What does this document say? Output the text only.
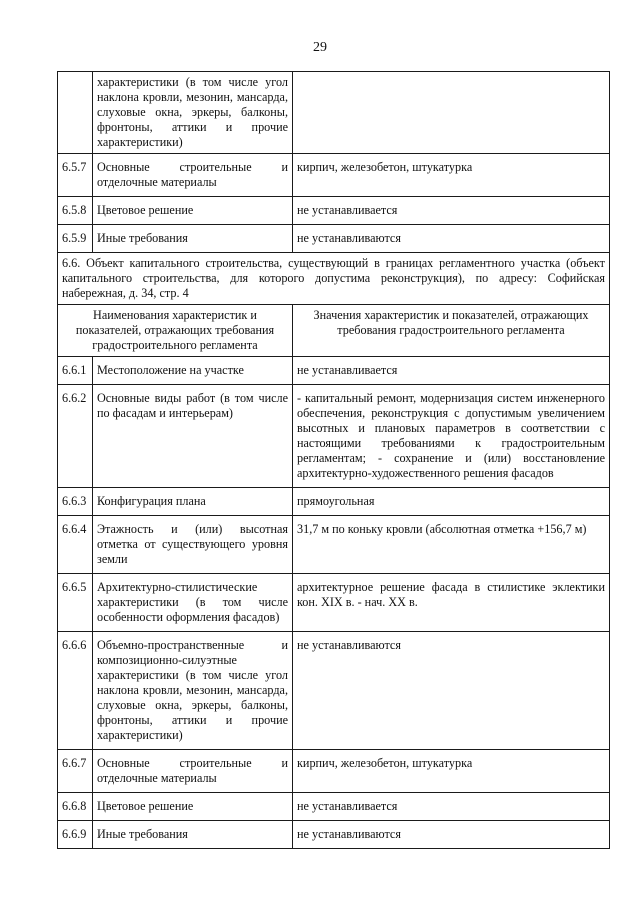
29
	характеристики (в том числе угол наклона кровли, мезонин, мансарда, слуховые окна, эркеры, балконы, фронтоны, аттики и прочие характеристики)	
6.5.7	Основные строительные и отделочные материалы	кирпич, железобетон, штукатурка
6.5.8	Цветовое решение	не устанавливается
6.5.9	Иные требования	не устанавливаются
6.6. Объект капитального строительства, существующий в границах регламентного участка (объект капитального строительства, для которого допустима реконструкция), по адресу: Софийская набережная, д. 34, стр. 4		
Наименования характеристик и показателей, отражающих требования градостроительного регламента		Значения характеристик и показателей, отражающих требования градостроительного регламента
6.6.1	Местоположение на участке	не устанавливается
6.6.2	Основные виды работ (в том числе по фасадам и интерьерам)	- капитальный ремонт, модернизация систем инженерного обеспечения, реконструкция с допустимым увеличением высотных и плановых параметров в соответствии с настоящими требованиями к градостроительным регламентам; - сохранение и (или) восстановление архитектурно-художественного решения фасадов
6.6.3	Конфигурация плана	прямоугольная
6.6.4	Этажность и (или) высотная отметка от существующего уровня земли	31,7 м по коньку кровли (абсолютная отметка +156,7 м)
6.6.5	Архитектурно-стилистические характеристики (в том числе особенности оформления фасадов)	архитектурное решение фасада в стилистике эклектики кон. XIX в. - нач. XX в.
6.6.6	Объемно-пространственные и композиционно-силуэтные характеристики (в том числе угол наклона кровли, мезонин, мансарда, слуховые окна, эркеры, балконы, фронтоны, аттики и прочие характеристики)	не устанавливаются
6.6.7	Основные строительные и отделочные материалы	кирпич, железобетон, штукатурка
6.6.8	Цветовое решение	не устанавливается
6.6.9	Иные требования	не устанавливаются
